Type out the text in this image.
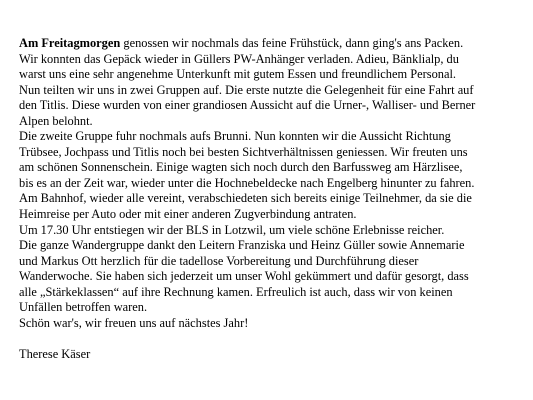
Am Freitagmorgen genossen wir nochmals das feine Frühstück, dann ging's ans Packen.
Wir konnten das Gepäck wieder in Güllers PW-Anhänger verladen. Adieu, Bänklialp, du
warst uns eine sehr angenehme Unterkunft mit gutem Essen und freundlichem Personal.
Nun teilten wir uns in zwei Gruppen auf. Die erste nutzte die Gelegenheit für eine Fahrt auf
den Titlis. Diese wurden von einer grandiosen Aussicht auf die Urner-, Walliser- und Berner
Alpen belohnt.
Die zweite Gruppe fuhr nochmals aufs Brunni. Nun konnten wir die Aussicht Richtung
Trübsee, Jochpass und Titlis noch bei besten Sichtverhältnissen geniessen. Wir freuten uns
am schönen Sonnenschein. Einige wagten sich noch durch den Barfussweg am Härzlisee,
bis es an der Zeit war, wieder unter die Hochnebeldecke nach Engelberg hinunter zu fahren.
Am Bahnhof, wieder alle vereint, verabschiedeten sich bereits einige Teilnehmer, da sie die
Heimreise per Auto oder mit einer anderen Zugverbindung antraten.
Um 17.30 Uhr entstiegen wir der BLS in Lotzwil, um viele schöne Erlebnisse reicher.
Die ganze Wandergruppe dankt den Leitern Franziska und Heinz Güller sowie Annemarie
und Markus Ott herzlich für die tadellose Vorbereitung und Durchführung dieser
Wanderwoche. Sie haben sich jederzeit um unser Wohl gekümmert und dafür gesorgt, dass
alle „Stärkeklassen“ auf ihre Rechnung kamen. Erfreulich ist auch, dass wir von keinen
Unfällen betroffen waren.
Schön war's, wir freuen uns auf nächstes Jahr!
Therese Käser
